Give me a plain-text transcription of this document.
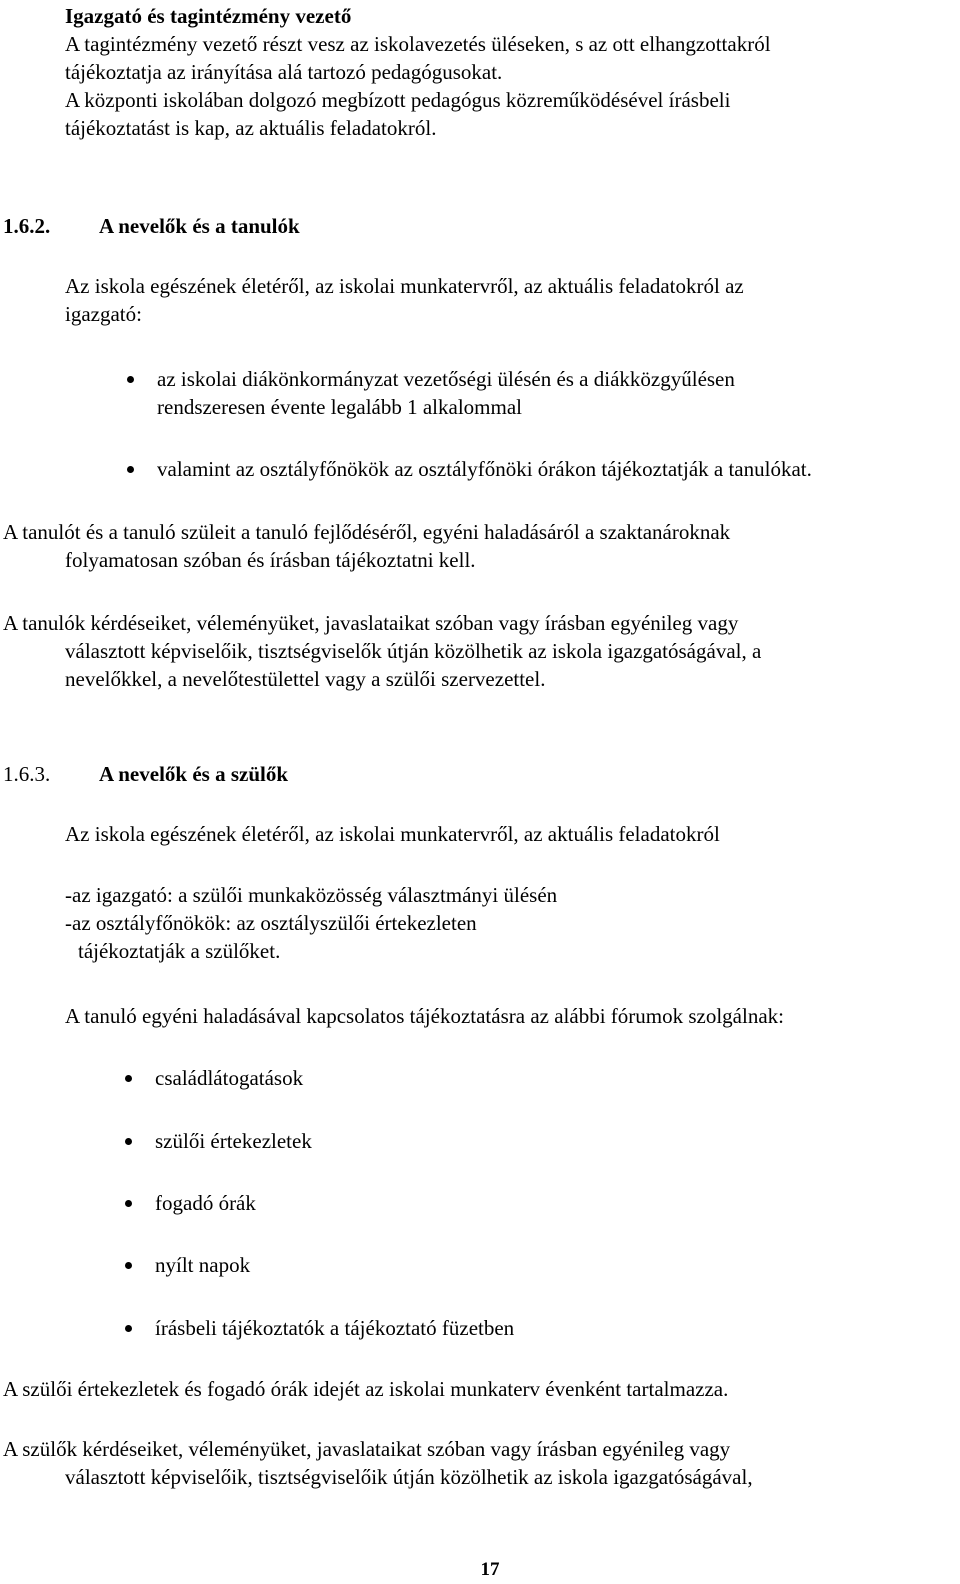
Igazgató és tagintézmény vezető
A tagintézmény vezető részt vesz az iskolavezetés üléseken, s az ott elhangzottakról
tájékoztatja az irányítása alá tartozó pedagógusokat.
A központi iskolában dolgozó megbízott pedagógus közreműködésével írásbeli
tájékoztatást is kap, az aktuális feladatokról.
1.6.2. A nevelők és a tanulók
Az iskola egészének életéről, az iskolai munkatervről, az aktuális feladatokról az
igazgató:
az iskolai diákönkormányzat vezetőségi ülésén és a diákközgyűlésen
rendszeresen évente legalább 1 alkalommal
valamint az osztályfőnökök az osztályfőnöki órákon tájékoztatják a tanulókat.
A tanulót és a tanuló szüleit a tanuló fejlődéséről, egyéni haladásáról a szaktanároknak
folyamatosan szóban és írásban tájékoztatni kell.
A tanulók kérdéseiket, véleményüket, javaslataikat szóban vagy írásban egyénileg vagy
választott képviselőik, tisztségviselők útján közölhetik az iskola igazgatóságával, a
nevelőkkel, a nevelőtestülettel vagy a szülői szervezettel.
1.6.3. A nevelők és a szülők
Az iskola egészének életéről, az iskolai munkatervről, az aktuális feladatokról
-az igazgató: a szülői munkaközösség választmányi ülésén
-az osztályfőnökök: az osztályszülői értekezleten
tájékoztatják a szülőket.
A tanuló egyéni haladásával kapcsolatos tájékoztatásra az alábbi fórumok szolgálnak:
családlátogatások
szülői értekezletek
fogadó órák
nyílt napok
írásbeli tájékoztatók a tájékoztató füzetben
A szülői értekezletek és fogadó órák idejét az iskolai munkaterv évenként tartalmazza.
A szülők kérdéseiket, véleményüket, javaslataikat szóban vagy írásban egyénileg vagy
választott képviselőik, tisztségviselőik útján közölhetik az iskola igazgatóságával,
17
